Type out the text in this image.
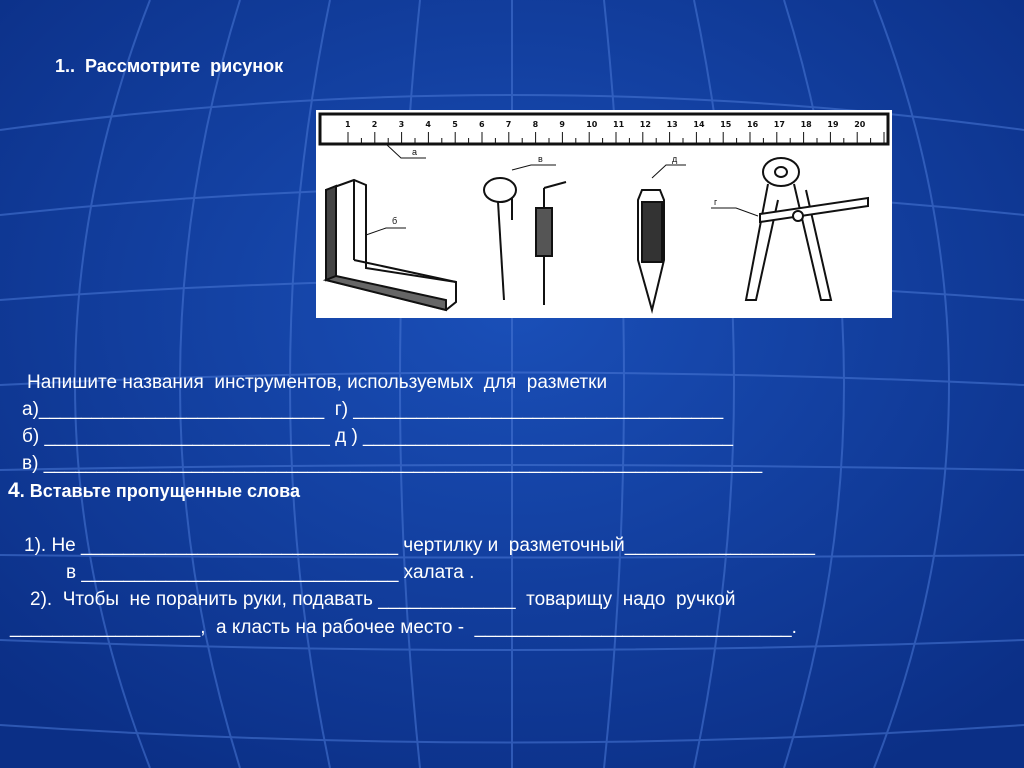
1..  Рассмотрите  рисунок

1	2	3	4	5	6	7	8	9	10 11 12 13 14 15 16 17 18 19 20
а
б
в	д
г

Напишите названия  инструментов, используемых  для  разметки

а)___________________________  г) ___________________________________

б) ___________________________ д ) ___________________________________

в) ____________________________________________________________________

4. Вставьте пропущенные слова

1). Не ______________________________ чертилку и  разметочный__________________

в ______________________________ халата .

2).  Чтобы  не поранить руки, подавать _____________  товарищу  надо  ручкой

__________________,  а класть на рабочее место -  ______________________________.
